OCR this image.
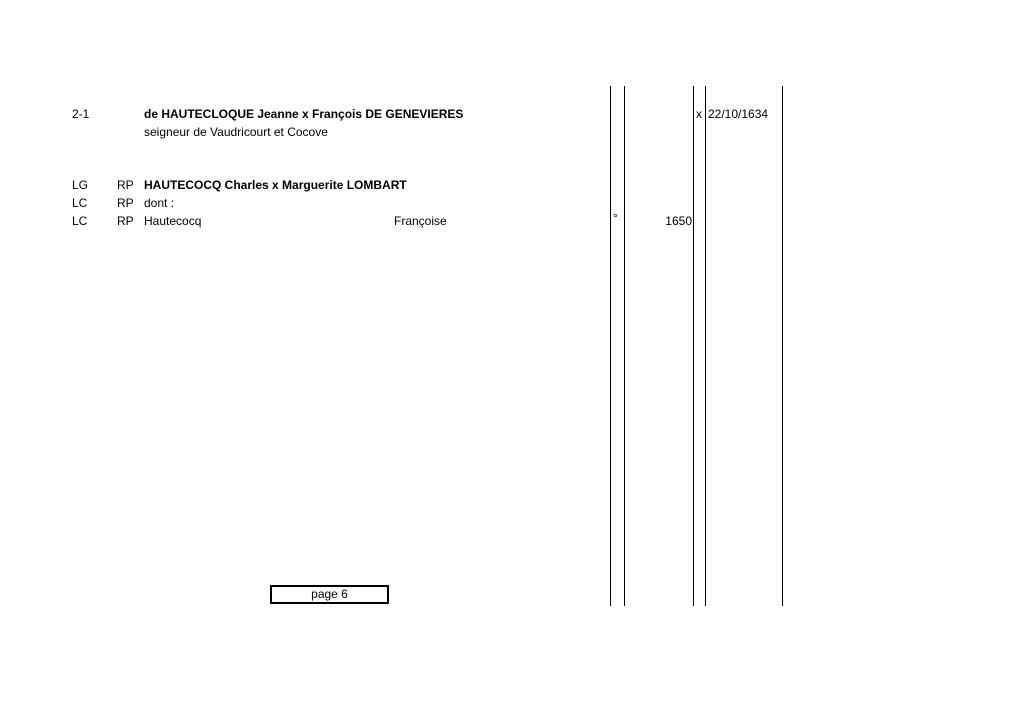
2-1	de HAUTECLOQUE Jeanne x François DE GENEVIERES	x 22/10/1634
seigneur de Vaudricourt et Cocove
LG RP HAUTECOCQ Charles x Marguerite LOMBART
LC RP dont :
LC RP Hautecocq	Françoise	°	1650
page 6
